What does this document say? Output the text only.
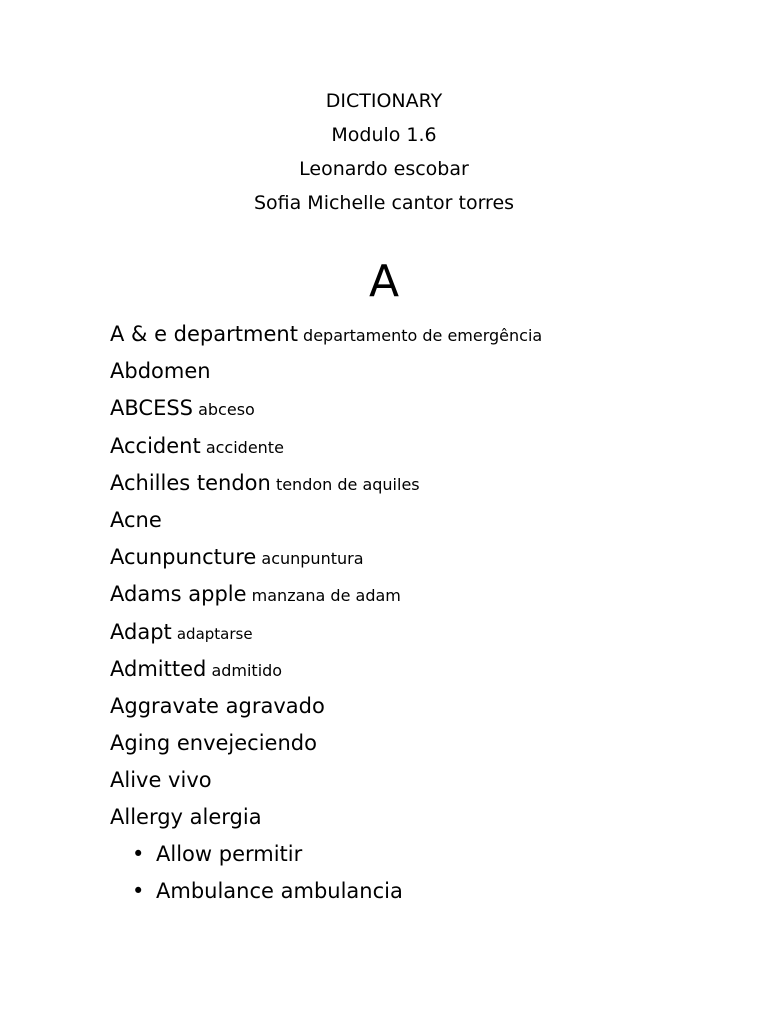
DICTIONARY
Modulo 1.6
Leonardo escobar
Sofia Michelle cantor torres
A
A & e department departamento de emergência
Abdomen
ABCESS abceso
Accident accidente
Achilles tendon tendon de aquiles
Acne
Acunpuncture acunpuntura
Adams apple manzana de adam
Adapt adaptarse
Admitted admitido
Aggravate agravado
Aging envejeciendo
Alive vivo
Allergy alergia
• Allow permitir
• Ambulance ambulancia
